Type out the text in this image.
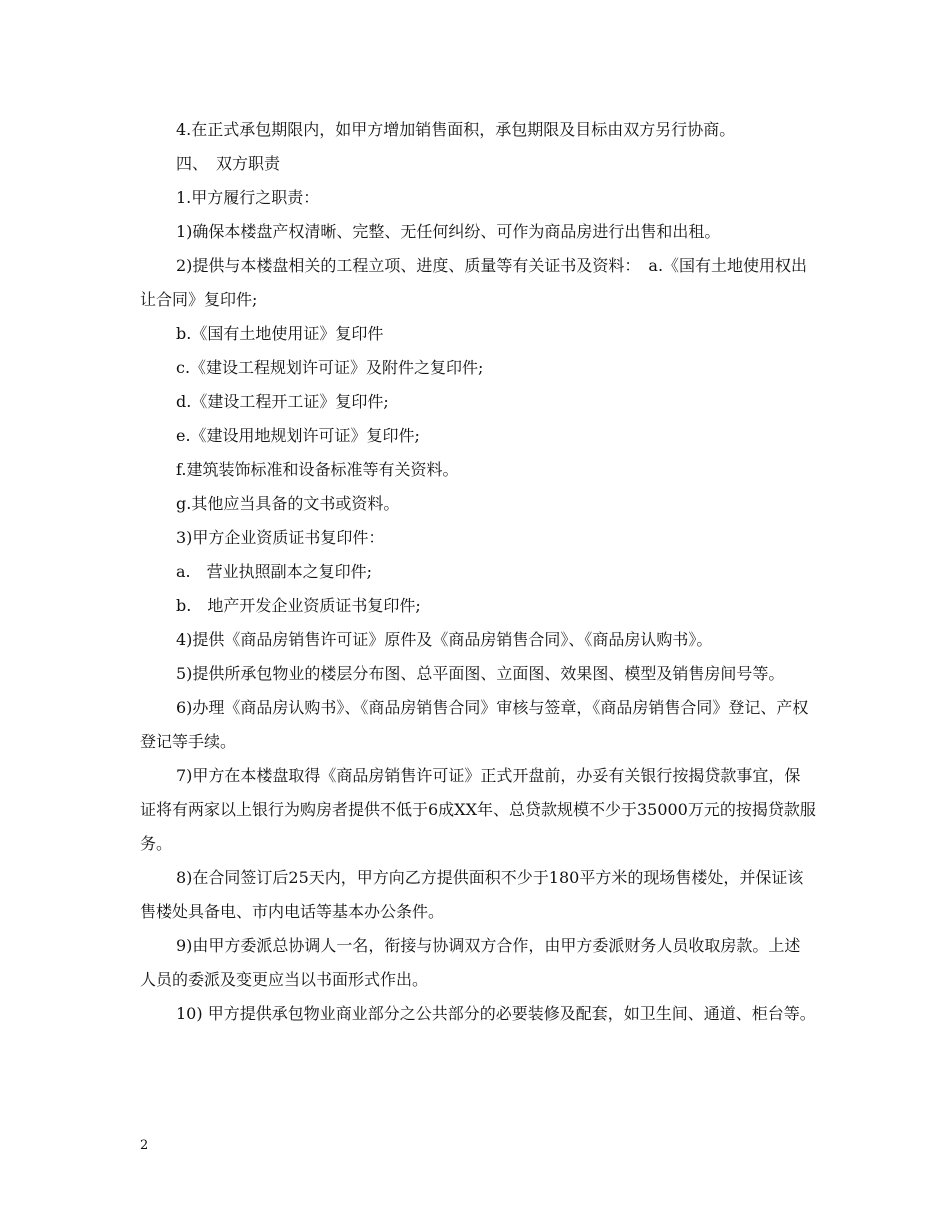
4.在正式承包期限内，如甲方增加销售面积，承包期限及目标由双方另行协商。

四、　双方职责

1.甲方履行之职责：

1)确保本楼盘产权清晰、完整、无任何纠纷、可作为商品房进行出售和出租。

2)提供与本楼盘相关的工程立项、进度、质量等有关证书及资料：　a.《国有土地使用权出让合同》复印件;

b.《国有土地使用证》复印件

c.《建设工程规划许可证》及附件之复印件;

d.《建设工程开工证》复印件;

e.《建设用地规划许可证》复印件;

f.建筑装饰标准和设备标准等有关资料。

g.其他应当具备的文书或资料。

3)甲方企业资质证书复印件：

a.　营业执照副本之复印件;

b.　地产开发企业资质证书复印件;

4)提供《商品房销售许可证》原件及《商品房销售合同》、《商品房认购书》。

5)提供所承包物业的楼层分布图、总平面图、立面图、效果图、模型及销售房间号等。

6)办理《商品房认购书》、《商品房销售合同》审核与签章，《商品房销售合同》登记、产权登记等手续。

7)甲方在本楼盘取得《商品房销售许可证》正式开盘前，办妥有关银行按揭贷款事宜，保证将有两家以上银行为购房者提供不低于6成XX年、总贷款规模不少于35000万元的按揭贷款服务。

8)在合同签订后25天内，甲方向乙方提供面积不少于180平方米的现场售楼处，并保证该售楼处具备电、市内电话等基本办公条件。

9)由甲方委派总协调人一名，衔接与协调双方合作，由甲方委派财务人员收取房款。上述人员的委派及变更应当以书面形式作出。

10) 甲方提供承包物业商业部分之公共部分的必要装修及配套，如卫生间、通道、柜台等。

2
